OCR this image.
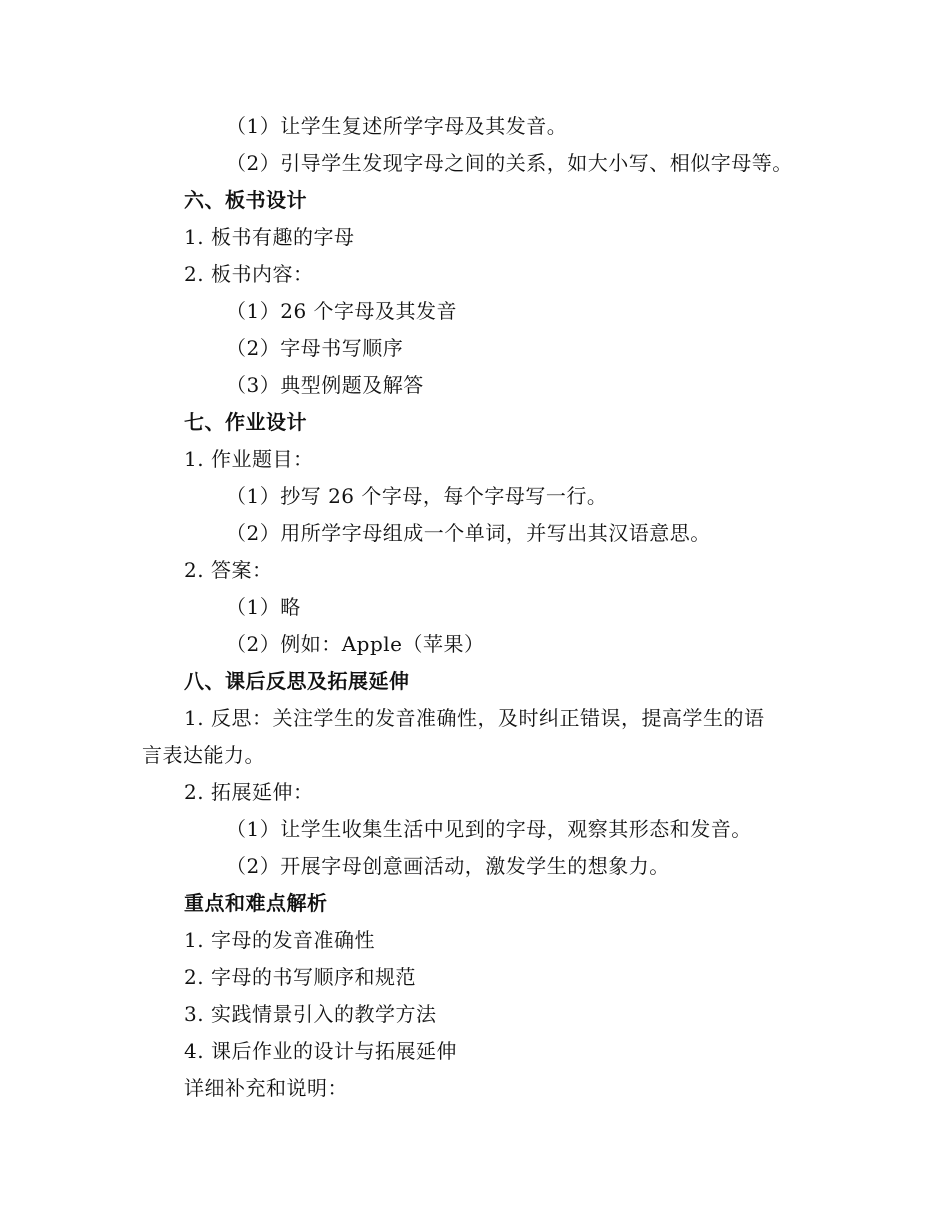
（1）让学生复述所学字母及其发音。
（2）引导学生发现字母之间的关系，如大小写、相似字母等。
六、板书设计
1. 板书有趣的字母
2. 板书内容：
（1）26 个字母及其发音
（2）字母书写顺序
（3）典型例题及解答
七、作业设计
1. 作业题目：
（1）抄写 26 个字母，每个字母写一行。
（2）用所学字母组成一个单词，并写出其汉语意思。
2. 答案：
（1）略
（2）例如：Apple（苹果）
八、课后反思及拓展延伸
1. 反思：关注学生的发音准确性，及时纠正错误，提高学生的语
言表达能力。
2. 拓展延伸：
（1）让学生收集生活中见到的字母，观察其形态和发音。
（2）开展字母创意画活动，激发学生的想象力。
重点和难点解析
1. 字母的发音准确性
2. 字母的书写顺序和规范
3. 实践情景引入的教学方法
4. 课后作业的设计与拓展延伸
详细补充和说明：
